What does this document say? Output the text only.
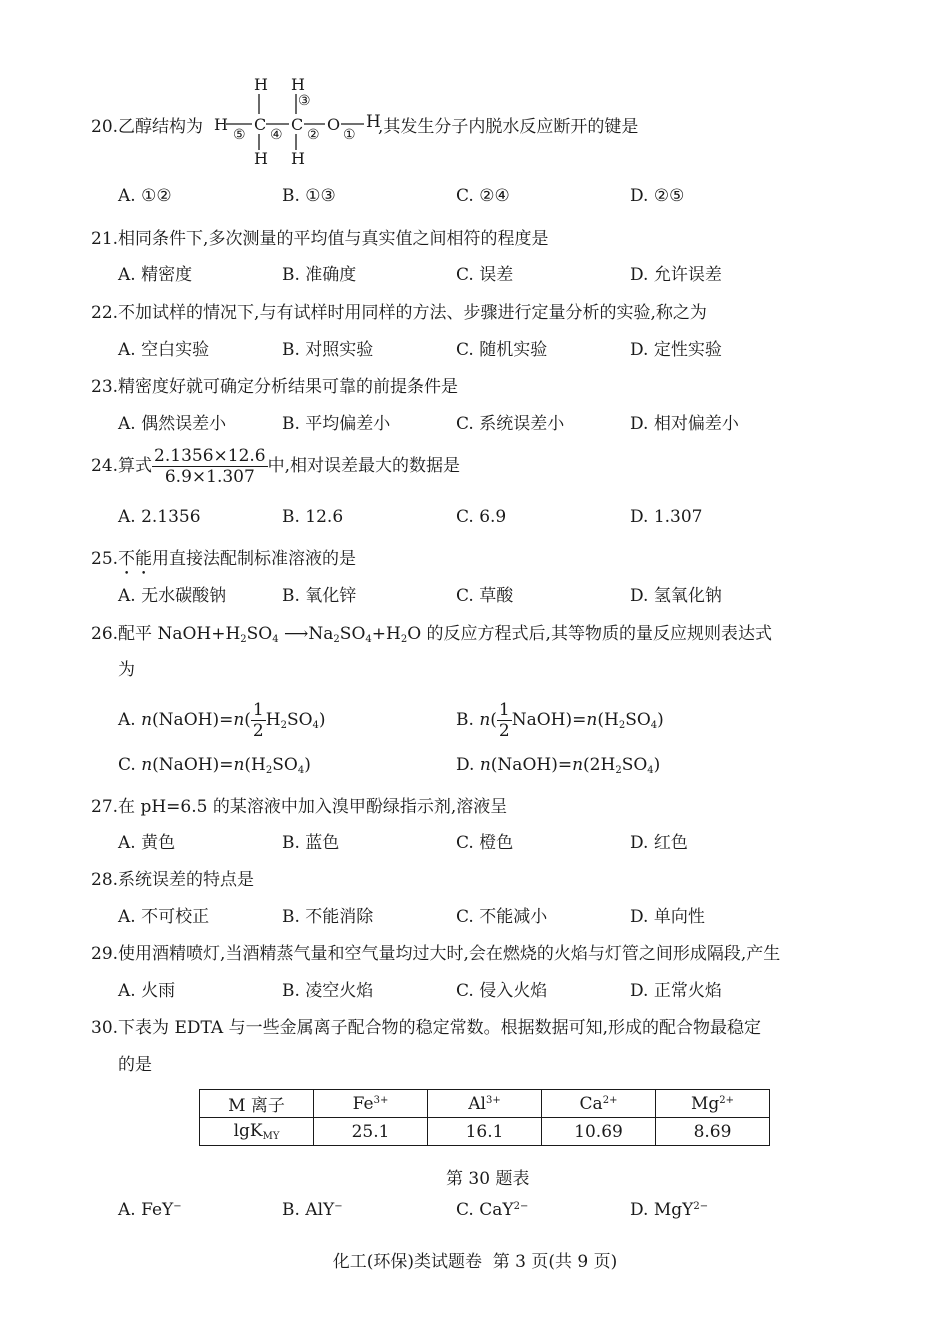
20.乙醇结构为
H H
H C C O
H H
③
⑤ ④ ② ①
H
,其发生分子内脱水反应断开的键是
A. ①②	B. ①③	C. ②④	D. ②⑤
21.相同条件下,多次测量的平均值与真实值之间相符的程度是
A. 精密度	B. 准确度	C. 误差	D. 允许误差
22.不加试样的情况下,与有试样时用同样的方法、步骤进行定量分析的实验,称之为
A. 空白实验	B. 对照实验	C. 随机实验	D. 定性实验
23.精密度好就可确定分析结果可靠的前提条件是
A. 偶然误差小	B. 平均偏差小	C. 系统误差小	D. 相对偏差小
24.算式 $\frac{2.1356\times 12.6}{6.9\times 1.307}$ 中,相对误差最大的数据是
A. 2.1356	B. 12.6	C. 6.9	D. 1.307
25.不能用直接法配制标准溶液的是
A. 无水碳酸钠	B. 氧化锌	C. 草酸	D. 氢氧化钠
26.配平 $NaOH+H_2SO_4$ $⟶Na_2SO_4+H_2O$ 的反应方程式后,其等物质的量反应规则表达式
为
A. n(NaOH)=n( $\frac{1}{2} H_2SO_4$)	B. $n( \frac{1}{2}$ $NaOH)=n(H_2SO_4)$
C. $n(NaOH)=n(H_2SO_4)$	D. $n(NaOH)=n(2H_2SO_4)$
27.在 pH=6.5 的某溶液中加入溴甲酚绿指示剂,溶液呈
A. 黄色	B. 蓝色	C. 橙色	D. 红色
28.系统误差的特点是
A. 不可校正	B. 不能消除	C. 不能减小	D. 单向性
29.使用酒精喷灯,当酒精蒸气量和空气量均过大时,会在燃烧的火焰与灯管之间形成隔段,产生
A. 火雨	B. 凌空火焰	C. 侵入火焰	D. 正常火焰
30.下表为 EDTA 与一些金属离子配合物的稳定常数。根据数据可知,形成的配合物最稳定
的是
M 离子	$Fe^{3+}$	$Al^{3+}$	$Ca^{2+}$	$Mg^{2+}$
lgK$_{MY}$	25.1	16.1	10.69	8.69
第 30 题表
A. FeY−	B. AlY−	C. CaY$^{2-}$	D. MgY$^{2-}$
化工(环保)类试题卷  第 3 页(共 9 页)
